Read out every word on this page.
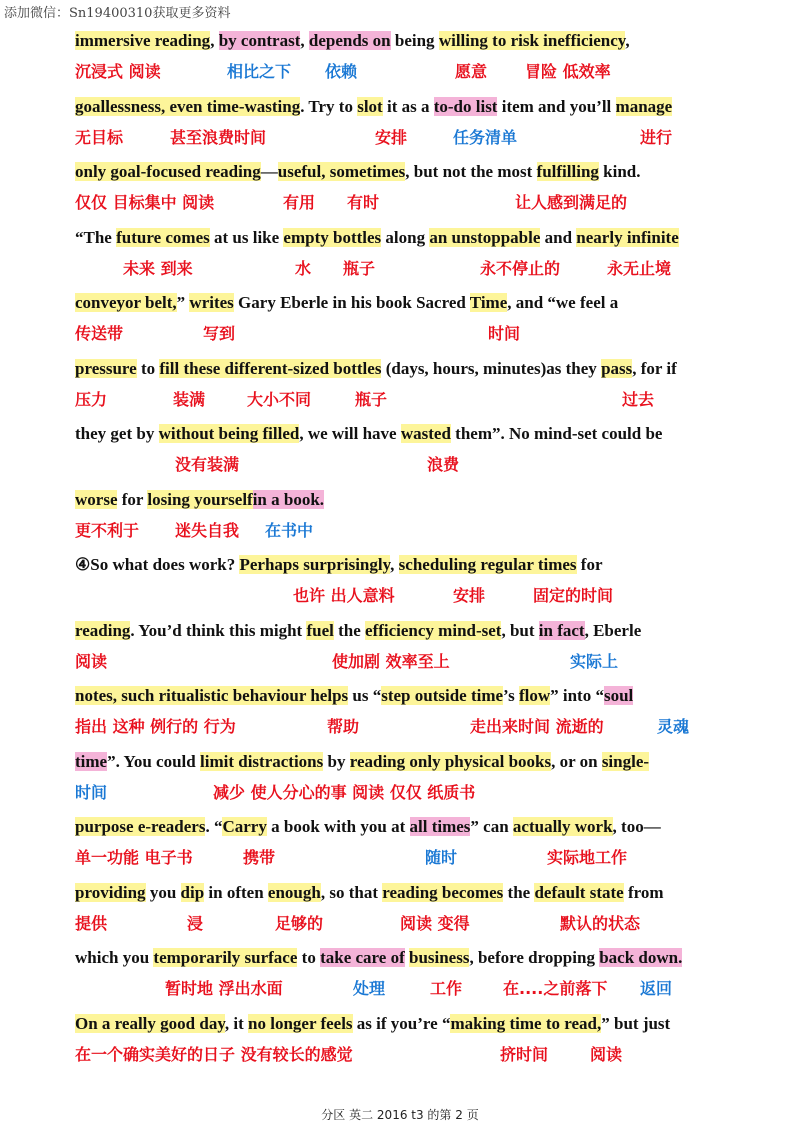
添加微信：Sn19400310获取更多资料
immersive reading, by contrast, depends on being willing to risk inefficiency,
沉浸式 阅读	相比之下 依赖	愿意 冒险 低效率
goallessness, even time-wasting. Try to slot it as a to-do list item and you’ll manage
无目标	甚至浪费时间	安排	任务清单	进行
only goal-focused reading—useful, sometimes, but not the most fulfilling kind.
仅仅 目标集中 阅读	有用 有时	让人感到满足的
“The future comes at us like empty bottles along an unstoppable and nearly infinite
未来 到来	水 瓶子	永不停止的	永无止境
conveyor belt,” writes Gary Eberle in his book Sacred Time, and “we feel a
传送带	写到	时间
pressure to fill these different-sized bottles (days, hours, minutes)as they pass, for if
压力	装满	大小不同	瓶子	过去
they get by without being filled, we will have wasted them”. No mind-set could be
没有装满	浪费
worse for losing yourselfin a book.
更不利于 迷失自我 在书中
④So what does work? Perhaps surprisingly, scheduling regular times for
也许 出人意料	安排	固定的时间
reading. You’d think this might fuel the efficiency mind-set, but in fact, Eberle
阅读	使加剧 效率至上	实际上
notes, such ritualistic behaviour helps us “step outside time’s flow” into “soul
指出 这种 例行的 行为	帮助	走出来时间 流逝的	灵魂
time”. You could limit distractions by reading only physical books, or on single-
时间	减少 使人分心的事 阅读 仅仅 纸质书
purpose e-readers. “Carry a book with you at all times” can actually work, too—
单一功能 电子书	携带	随时	实际地工作
providing you dip in often enough, so that reading becomes the default state from
提供	浸	足够的	阅读 变得	默认的状态
which you temporarily surface to take care of business, before dropping back down.
暂时地 浮出水面	处理	工作	在....之前落下 返回
On a really good day, it no longer feels as if you’re “making time to read,” but just
在一个确实美好的日子 没有较长的感觉	挤时间	阅读
分区 英二 2016 t3 的第 2 页
